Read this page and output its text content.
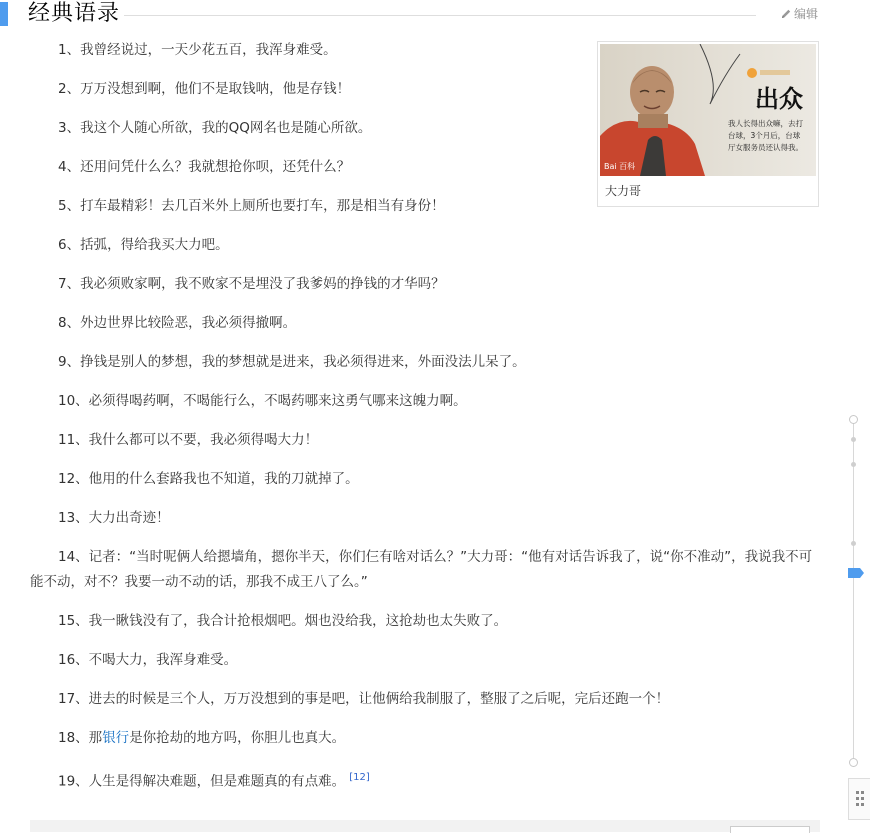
经典语录	编辑
出众
我人长得出众嘛，去打
台球，3个月后，台球
厅女服务员还认得我。
Bai 百科
大力哥

1、我曾经说过，一天少花五百，我浑身难受。

2、万万没想到啊，他们不是取钱呐，他是存钱！

3、我这个人随心所欲，我的QQ网名也是随心所欲。

4、还用问凭什么么？我就想抢你呗，还凭什么？

5、打车最精彩！去几百米外上厕所也要打车，那是相当有身份！

6、括弧，得给我买大力吧。

7、我必须败家啊，我不败家不是埋没了我爹妈的挣钱的才华吗？

8、外边世界比较险恶，我必须得撤啊。

9、挣钱是别人的梦想，我的梦想就是进来，我必须得进来，外面没法儿呆了。

10、必须得喝药啊，不喝能行么，不喝药哪来这勇气哪来这魄力啊。

11、我什么都可以不要，我必须得喝大力！

12、他用的什么套路我也不知道，我的刀就掉了。

13、大力出奇迹！

14、记者：“当时呢俩人给摁墙角，摁你半天，你们仨有啥对话么？”大力哥：“他有对话告诉我了，说“你不准动”，我说我不可能不动，对不？我要一动不动的话，那我不成王八了么。”

15、我一瞅钱没有了，我合计抢根烟吧。烟也没给我，这抢劫也太失败了。

16、不喝大力，我浑身难受。

17、进去的时候是三个人，万万没想到的事是吧，让他俩给我制服了，整服了之后呢，完后还跑一个！

18、那银行是你抢劫的地方吗，你胆儿也真大。

19、人生是得解决难题，但是难题真的有点难。 [12]
